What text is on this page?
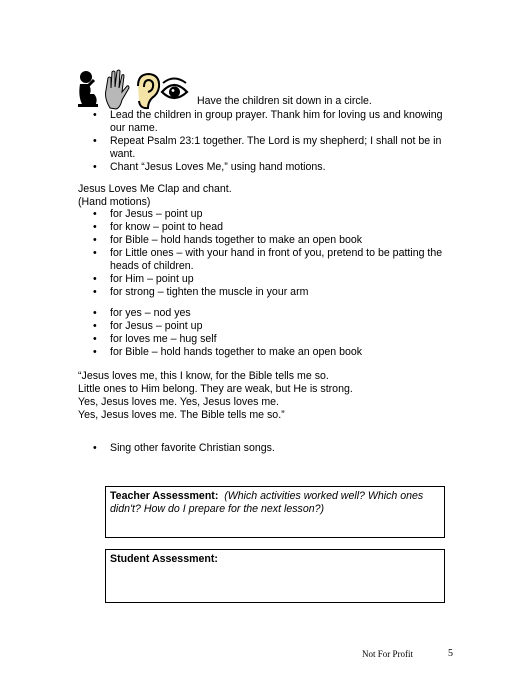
Have the children sit down in a circle.
• Lead the children in group prayer. Thank him for loving us and knowing our name.
• Repeat Psalm 23:1 together. The Lord is my shepherd; I shall not be in want.
• Chant “Jesus Loves Me,” using hand motions.
Jesus Loves Me Clap and chant.
(Hand motions)
• for Jesus – point up
• for know – point to head
• for Bible – hold hands together to make an open book
• for Little ones – with your hand in front of you, pretend to be patting the heads of children.
• for Him – point up
• for strong – tighten the muscle in your arm
• for yes – nod yes
• for Jesus – point up
• for loves me – hug self
• for Bible – hold hands together to make an open book
“Jesus loves me, this I know, for the Bible tells me so.
Little ones to Him belong. They are weak, but He is strong.
Yes, Jesus loves me. Yes, Jesus loves me.
Yes, Jesus loves me. The Bible tells me so.”
• Sing other favorite Christian songs.
Teacher Assessment: (Which activities worked well? Which ones didn't? How do I prepare for the next lesson?)
Student Assessment:
Not For Profit	5
